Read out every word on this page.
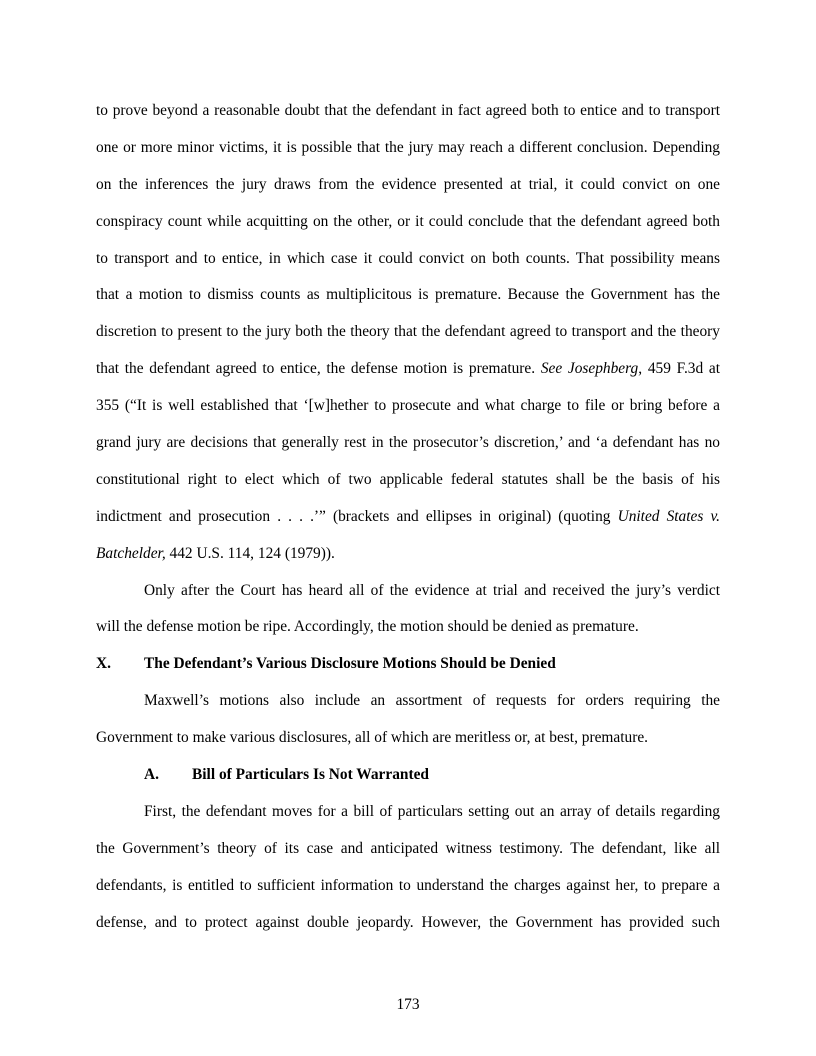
to prove beyond a reasonable doubt that the defendant in fact agreed both to entice and to transport
one or more minor victims, it is possible that the jury may reach a different conclusion. Depending
on the inferences the jury draws from the evidence presented at trial, it could convict on one
conspiracy count while acquitting on the other, or it could conclude that the defendant agreed both
to transport and to entice, in which case it could convict on both counts. That possibility means
that a motion to dismiss counts as multiplicitous is premature. Because the Government has the
discretion to present to the jury both the theory that the defendant agreed to transport and the theory
that the defendant agreed to entice, the defense motion is premature. See Josephberg, 459 F.3d at
355 (“It is well established that ‘[w]hether to prosecute and what charge to file or bring before a
grand jury are decisions that generally rest in the prosecutor’s discretion,’ and ‘a defendant has no
constitutional right to elect which of two applicable federal statutes shall be the basis of his
indictment and prosecution . . . .’” (brackets and ellipses in original) (quoting United States v.
Batchelder, 442 U.S. 114, 124 (1979)).
Only after the Court has heard all of the evidence at trial and received the jury’s verdict
will the defense motion be ripe. Accordingly, the motion should be denied as premature.
X. The Defendant’s Various Disclosure Motions Should be Denied
Maxwell’s motions also include an assortment of requests for orders requiring the
Government to make various disclosures, all of which are meritless or, at best, premature.
A. Bill of Particulars Is Not Warranted
First, the defendant moves for a bill of particulars setting out an array of details regarding
the Government’s theory of its case and anticipated witness testimony. The defendant, like all
defendants, is entitled to sufficient information to understand the charges against her, to prepare a
defense, and to protect against double jeopardy. However, the Government has provided such
173
